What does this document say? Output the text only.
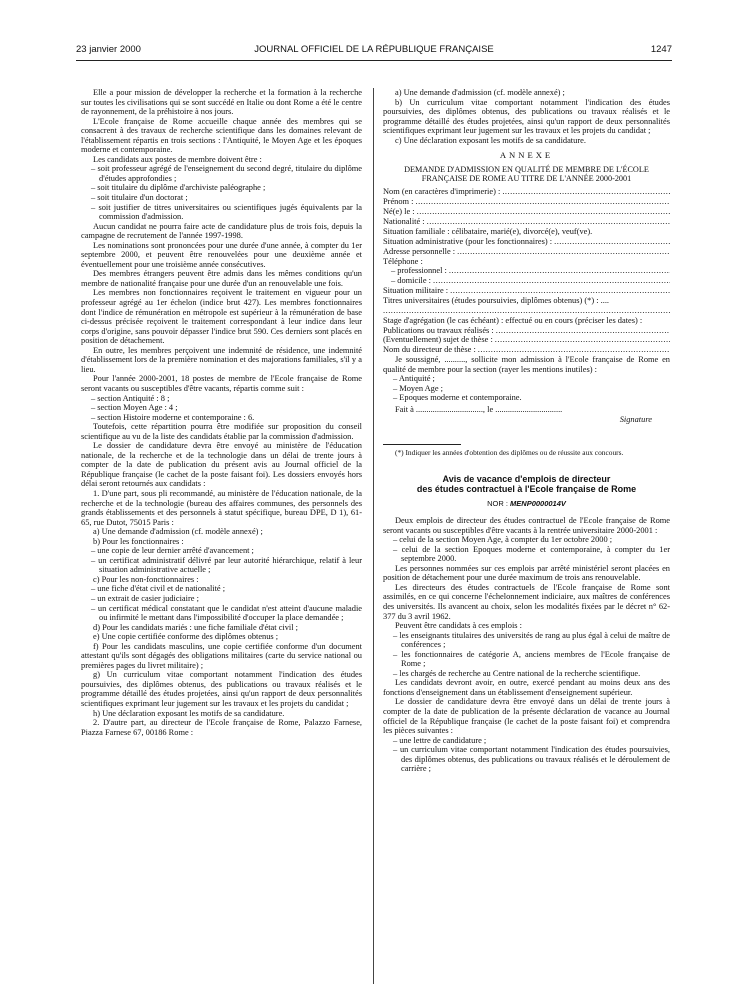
23 janvier 2000	JOURNAL OFFICIEL DE LA RÉPUBLIQUE FRANÇAISE	1247

Elle a pour mission de développer la recherche et la formation à la recherche sur toutes les civilisations qui se sont succédé en Italie ou dont Rome a été le centre de rayonnement, de la préhistoire à nos jours.

L'Ecole française de Rome accueille chaque année des membres qui se consacrent à des travaux de recherche scientifique dans les domaines relevant de l'établissement répartis en trois sections : l'Antiquité, le Moyen Age et les époques moderne et contemporaine.

Les candidats aux postes de membre doivent être :

– soit professeur agrégé de l'enseignement du second degré, titulaire du diplôme d'études approfondies ;
– soit titulaire du diplôme d'archiviste paléographe ;
– soit titulaire d'un doctorat ;
– soit justifier de titres universitaires ou scientifiques jugés équivalents par la commission d'admission.

Aucun candidat ne pourra faire acte de candidature plus de trois fois, depuis la campagne de recrutement de l'année 1997-1998.

Les nominations sont prononcées pour une durée d'une année, à compter du 1er septembre 2000, et peuvent être renouvelées pour une deuxième année et éventuellement pour une troisième année consécutives.

Des membres étrangers peuvent être admis dans les mêmes conditions qu'un membre de nationalité française pour une durée d'un an renouvelable une fois.

Les membres non fonctionnaires reçoivent le traitement en vigueur pour un professeur agrégé au 1er échelon (indice brut 427). Les membres fonctionnaires dont l'indice de rémunération en métropole est supérieur à la rémunération de base ci-dessus précisée reçoivent le traitement correspondant à leur indice dans leur corps d'origine, sans pouvoir dépasser l'indice brut 590. Ces derniers sont placés en position de détachement.

En outre, les membres perçoivent une indemnité de résidence, une indemnité d'établissement lors de la première nomination et des majorations familiales, s'il y a lieu.

Pour l'année 2000-2001, 18 postes de membre de l'Ecole française de Rome seront vacants ou susceptibles d'être vacants, répartis comme suit :

– section Antiquité : 8 ;
– section Moyen Age : 4 ;
– section Histoire moderne et contemporaine : 6.

Toutefois, cette répartition pourra être modifiée sur proposition du conseil scientifique au vu de la liste des candidats établie par la commission d'admission.

Le dossier de candidature devra être envoyé au ministère de l'éducation nationale, de la recherche et de la technologie dans un délai de trente jours à compter de la date de publication du présent avis au Journal officiel de la République française (le cachet de la poste faisant foi). Les dossiers envoyés hors délai seront retournés aux candidats :

1. D'une part, sous pli recommandé, au ministère de l'éducation nationale, de la recherche et de la technologie (bureau des affaires communes, des personnels des grands établissements et des personnels à statut spécifique, bureau DPE, D 1), 61-65, rue Dutot, 75015 Paris :

a) Une demande d'admission (cf. modèle annexé) ;

b) Pour les fonctionnaires :

– une copie de leur dernier arrêté d'avancement ;
– un certificat administratif délivré par leur autorité hiérarchique, relatif à leur situation administrative actuelle ;

c) Pour les non-fonctionnaires :

– une fiche d'état civil et de nationalité ;
– un extrait de casier judiciaire ;
– un certificat médical constatant que le candidat n'est atteint d'aucune maladie ou infirmité le mettant dans l'impossibilité d'occuper la place demandée ;

d) Pour les candidats mariés : une fiche familiale d'état civil ;

e) Une copie certifiée conforme des diplômes obtenus ;

f) Pour les candidats masculins, une copie certifiée conforme d'un document attestant qu'ils sont dégagés des obligations militaires (carte du service national ou premières pages du livret militaire) ;

g) Un curriculum vitae comportant notamment l'indication des études poursuivies, des diplômes obtenus, des publications ou travaux réalisés et le programme détaillé des études projetées, ainsi qu'un rapport de deux personnalités scientifiques exprimant leur jugement sur les travaux et les projets du candidat ;

h) Une déclaration exposant les motifs de sa candidature.

2. D'autre part, au directeur de l'Ecole française de Rome, Palazzo Farnese, Piazza Farnese 67, 00186 Rome :

a) Une demande d'admission (cf. modèle annexé) ;

b) Un curriculum vitae comportant notamment l'indication des études poursuivies, des diplômes obtenus, des publications ou travaux réalisés et le programme détaillé des études projetées, ainsi qu'un rapport de deux personnalités scientifiques exprimant leur jugement sur les travaux et les projets du candidat ;

c) Une déclaration exposant les motifs de sa candidature.

ANNEXE
DEMANDE D'ADMISSION EN QUALITÉ DE MEMBRE DE L'ÉCOLE FRANÇAISE DE ROME AU TITRE DE L'ANNÉE 2000-2001
Nom (en caractères d'imprimerie) :
.....
Prénom :
.....
Né(e) le :
.....
Nationalité :
.....
Situation familiale : célibataire, marié(e), divorcé(e), veuf(ve).
Situation administrative (pour les fonctionnaires) :
.....
Adresse personnelle :
.....
Téléphone :
– professionnel :
.....
– domicile :
.....
Situation militaire :
.....
Titres universitaires (études poursuivies, diplômes obtenus) (*) : ....
.....

Stage d'agrégation (le cas échéant) : effectué ou en cours (préciser les dates) :

Publications ou travaux réalisés :
.....
(Eventuellement) sujet de thèse :
.....
Nom du directeur de thèse :
.....

Je soussigné, .........., sollicite mon admission à l'Ecole française de Rome en qualité de membre pour la section (rayer les mentions inutiles) :

– Antiquité ;
– Moyen Age ;
– Epoques moderne et contemporaine.
Fait à ................................, le ................................
Signature

(*) Indiquer les années d'obtention des diplômes ou de réussite aux concours.

Avis de vacance d'emplois de directeur
des études contractuel à l'Ecole française de Rome
NOR : MENP0000014V

Deux emplois de directeur des études contractuel de l'Ecole française de Rome seront vacants ou susceptibles d'être vacants à la rentrée universitaire 2000-2001 :

– celui de la section Moyen Age, à compter du 1er octobre 2000 ;
– celui de la section Epoques moderne et contemporaine, à compter du 1er septembre 2000.

Les personnes nommées sur ces emplois par arrêté ministériel seront placées en position de détachement pour une durée maximum de trois ans renouvelable.

Les directeurs des études contractuels de l'Ecole française de Rome sont assimilés, en ce qui concerne l'échelonnement indiciaire, aux maîtres de conférences des universités. Ils avancent au choix, selon les modalités fixées par le décret n° 62-377 du 3 avril 1962.

Peuvent être candidats à ces emplois :

– les enseignants titulaires des universités de rang au plus égal à celui de maître de conférences ;
– les fonctionnaires de catégorie A, anciens membres de l'Ecole française de Rome ;
– les chargés de recherche au Centre national de la recherche scientifique.

Les candidats devront avoir, en outre, exercé pendant au moins deux ans des fonctions d'enseignement dans un établissement d'enseignement supérieur.

Le dossier de candidature devra être envoyé dans un délai de trente jours à compter de la date de publication de la présente déclaration de vacance au Journal officiel de la République française (le cachet de la poste faisant foi) et comprendra les pièces suivantes :

– une lettre de candidature ;
– un curriculum vitae comportant notamment l'indication des études poursuivies, des diplômes obtenus, des publications ou travaux réalisés et le déroulement de carrière ;
